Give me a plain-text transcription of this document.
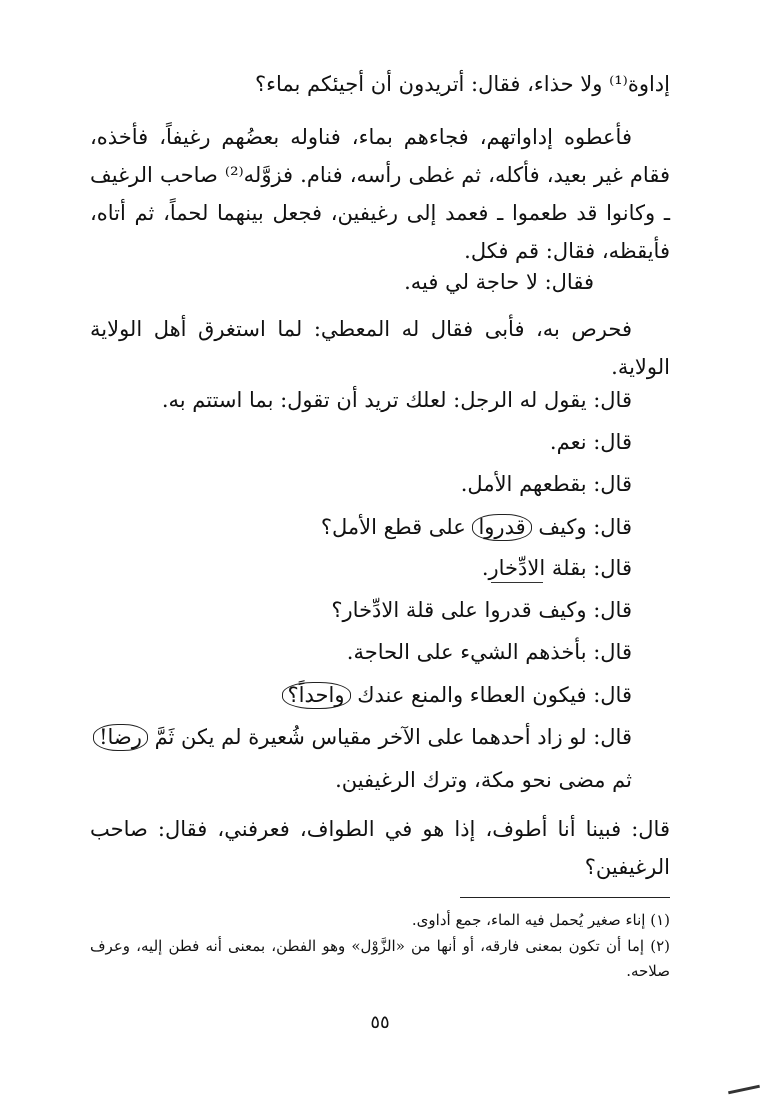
إداوة⁽¹⁾ ولا حذاء، فقال: أتريدون أن أجيئكم بماء؟
فأعطوه إداواتهم، فجاءهم بماء، فناوله بعضُهم رغيفاً، فأخذه، فقام غير بعيد، فأكله، ثم غطى رأسه، فنام. فزوَّله⁽²⁾ صاحب الرغيف ـ وكانوا قد طعموا ـ فعمد إلى رغيفين، فجعل بينهما لحماً، ثم أتاه، فأيقظه، فقال: قم فكل.
فقال: لا حاجة لي فيه.
فحرص به، فأبى فقال له المعطي: لما استغرق أهل الولاية الولاية.
قال: يقول له الرجل: لعلك تريد أن تقول: بما استتم به.
قال: نعم.
قال: بقطعهم الأمل.
قال: وكيف قدروا على قطع الأمل؟
قال: بقلة الادِّخار.
قال: وكيف قدروا على قلة الادِّخار؟
قال: بأخذهم الشيء على الحاجة.
قال: فيكون العطاء والمنع عندك واحداً؟
قال: لو زاد أحدهما على الآخر مقياس شُعيرة لم يكن ثَمَّ رضا!
ثم مضى نحو مكة، وترك الرغيفين.
قال: فبينا أنا أطوف، إذا هو في الطواف، فعرفني، فقال: صاحب الرغيفين؟
(١) إناء صغير يُحمل فيه الماء، جمع أداوى.
(٢) إما أن تكون بمعنى فارقه، أو أنها من «الزَّوْل» وهو الفطن، بمعنى أنه فطن إليه، وعرف صلاحه.
٥٥
